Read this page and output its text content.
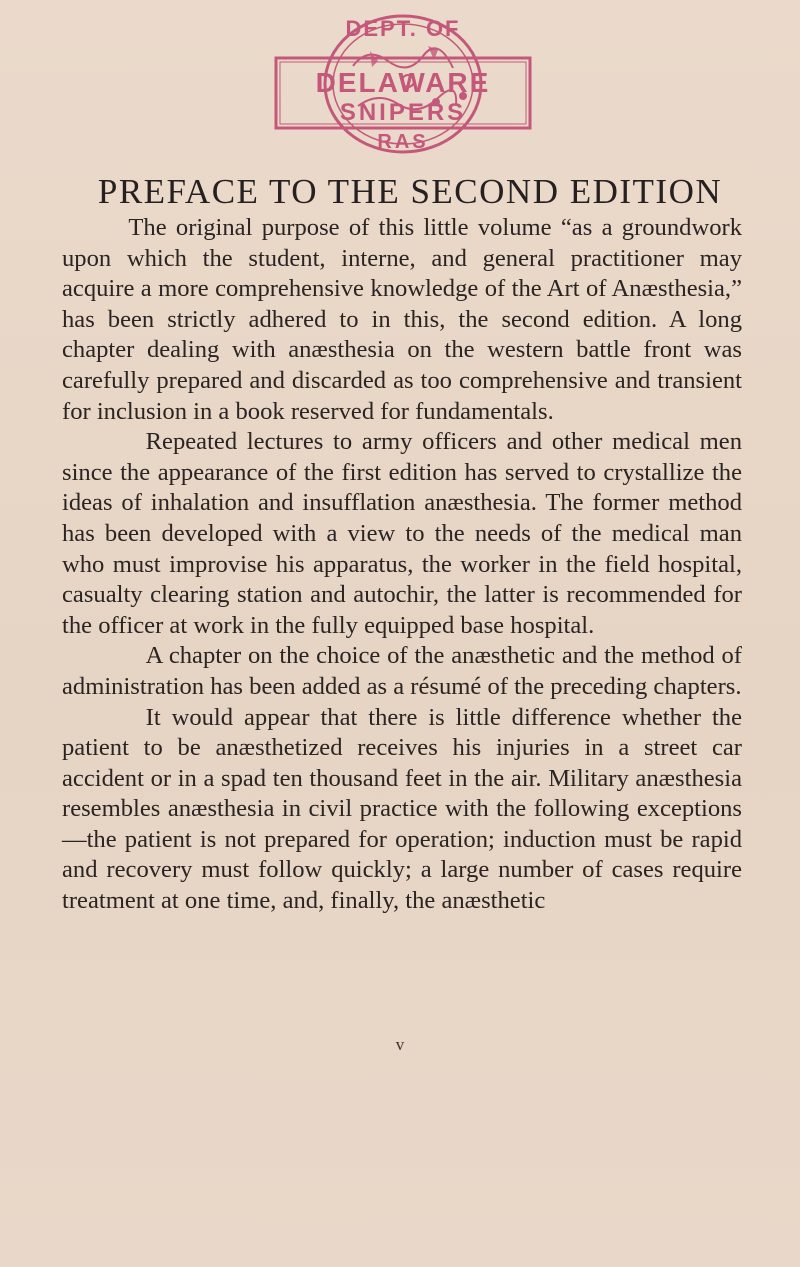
DEPT. OF
DELAWARE
SNIPERS
RAS
PREFACE TO THE SECOND EDITION

The original purpose of this little volume “as a groundwork upon which the student, interne, and general practitioner may acquire a more comprehensive knowledge of the Art of Anæsthesia,” has been strictly adhered to in this, the second edition. A long chapter dealing with anæsthesia on the western battle front was carefully prepared and discarded as too comprehensive and transient for inclusion in a book reserved for fundamentals.

Repeated lectures to army officers and other medical men since the appearance of the first edition has served to crystallize the ideas of inhalation and insufflation anæsthesia. The former method has been developed with a view to the needs of the medical man who must improvise his apparatus, the worker in the field hospital, casualty clearing station and autochir, the latter is recommended for the officer at work in the fully equipped base hospital.

A chapter on the choice of the anæsthetic and the method of administration has been added as a résumé of the preceding chapters.

It would appear that there is little difference whether the patient to be anæsthetized receives his injuries in a street car accident or in a spad ten thousand feet in the air. Military anæsthesia resembles anæsthesia in civil practice with the following exceptions—the patient is not prepared for operation; induction must be rapid and recovery must follow quickly; a large number of cases require treatment at one time, and, finally, the anæsthetic

v
